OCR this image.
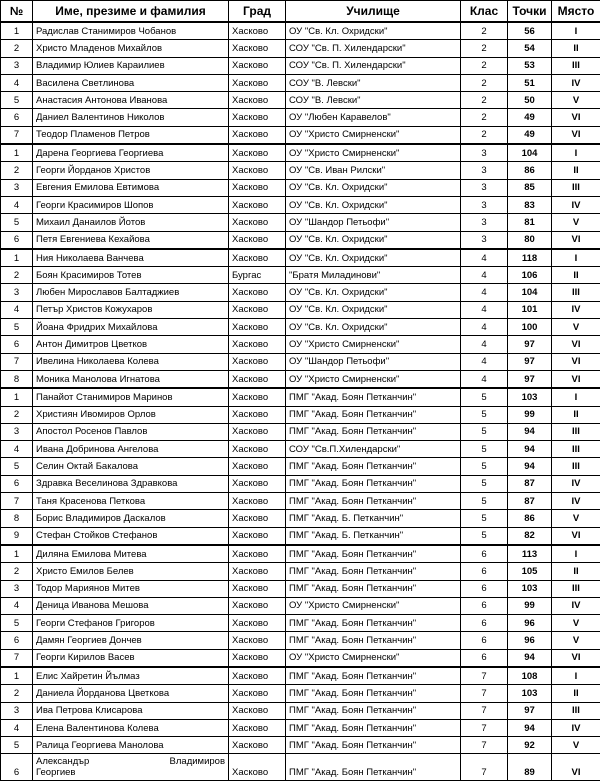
№	Име, презиме и фамилия	Град	Училище	Клас	Точки	Място
1	Радислав Станимиров Чобанов	Хасково	ОУ "Св. Кл. Охридски"	2	56	I
2	Христо Младенов Михайлов	Хасково	СОУ "Св. П. Хилендарски"	2	54	II
3	Владимир Юлиев Караилиев	Хасково	СОУ "Св. П. Хилендарски"	2	53	III
4	Василена Светлинова	Хасково	СОУ "В. Левски"	2	51	IV
5	Анастасия Антонова Иванова	Хасково	СОУ "В. Левски"	2	50	V
6	Даниел Валентинов Николов	Хасково	ОУ "Любен Каравелов"	2	49	VI
7	Теодор Пламенов Петров	Хасково	ОУ "Христо Смирненски"	2	49	VI
1	Дарена Георгиева Георгиева	Хасково	ОУ "Христо Смирненски"	3	104	I
2	Георги Йорданов Христов	Хасково	ОУ "Св. Иван Рилски"	3	86	II
3	Евгения Емилова Евтимова	Хасково	ОУ "Св. Кл. Охридски"	3	85	III
4	Георги Красимиров Шопов	Хасково	ОУ "Св. Кл. Охридски"	3	83	IV
5	Михаил Данаилов Йотов	Хасково	ОУ "Шандор Петьофи"	3	81	V
6	Петя Евгениева Кехайова	Хасково	ОУ "Св. Кл. Охридски"	3	80	VI
1	Ния Николаева Ванчева	Хасково	ОУ "Св. Кл. Охридски"	4	118	I
2	Боян Красимиров Тотев	Бургас	"Братя Миладинови"	4	106	II
3	Любен Мирославов Балтаджиев	Хасково	ОУ "Св. Кл. Охридски"	4	104	III
4	Петър Христов Кожухаров	Хасково	ОУ "Св. Кл. Охридски"	4	101	IV
5	Йоана Фридрих Михайлова	Хасково	ОУ "Св. Кл. Охридски"	4	100	V
6	Антон Димитров Цветков	Хасково	ОУ "Христо Смирненски"	4	97	VI
7	Ивелина Николаева Колева	Хасково	ОУ "Шандор Петьофи"	4	97	VI
8	Моника Манолова Игнатова	Хасково	ОУ "Христо Смирненски"	4	97	VI
1	Панайот Станимиров Маринов	Хасково	ПМГ "Акад. Боян Петканчин"	5	103	I
2	Християн Ивомиров Орлов	Хасково	ПМГ "Акад. Боян Петканчин"	5	99	II
3	Апостол Росенов Павлов	Хасково	ПМГ "Акад. Боян Петканчин"	5	94	III
4	Ивана Добринова Ангелова	Хасково	СОУ "Св.П.Хилендарски"	5	94	III
5	Селин Октай Бакалова	Хасково	ПМГ "Акад. Боян Петканчин"	5	94	III
6	Здравка Веселинова Здравкова	Хасково	ПМГ "Акад. Боян Петканчин"	5	87	IV
7	Таня Красенова Петкова	Хасково	ПМГ "Акад. Боян Петканчин"	5	87	IV
8	Борис Владимиров Даскалов	Хасково	ПМГ "Акад. Б. Петканчин"	5	86	V
9	Стефан Стойков Стефанов	Хасково	ПМГ "Акад. Б. Петканчин"	5	82	VI
1	Диляна Емилова Митева	Хасково	ПМГ "Акад. Боян Петканчин"	6	113	I
2	Христо Емилов Белев	Хасково	ПМГ "Акад. Боян Петканчин"	6	105	II
3	Тодор Мариянов Митев	Хасково	ПМГ "Акад. Боян Петканчин"	6	103	III
4	Деница Иванова Мешова	Хасково	ОУ "Христо Смирненски"	6	99	IV
5	Георги Стефанов Григоров	Хасково	ПМГ "Акад. Боян Петканчин"	6	96	V
6	Дамян Георгиев Дончев	Хасково	ПМГ "Акад. Боян Петканчин"	6	96	V
7	Георги Кирилов Васев	Хасково	ОУ "Христо Смирненски"	6	94	VI
1	Елис Хайретин Йълмаз	Хасково	ПМГ "Акад. Боян Петканчин"	7	108	I
2	Даниела Йорданова Цветкова	Хасково	ПМГ "Акад. Боян Петканчин"	7	103	II
3	Ива Петрова Клисарова	Хасково	ПМГ "Акад. Боян Петканчин"	7	97	III
4	Елена Валентинова Колева	Хасково	ПМГ "Акад. Боян Петканчин"	7	94	IV
5	Ралица Георгиева Манолова	Хасково	ПМГ "Акад. Боян Петканчин"	7	92	V
6	Александър Владимиров
Георгиев	Хасково	ПМГ "Акад. Боян Петканчин"	7	89	VI
